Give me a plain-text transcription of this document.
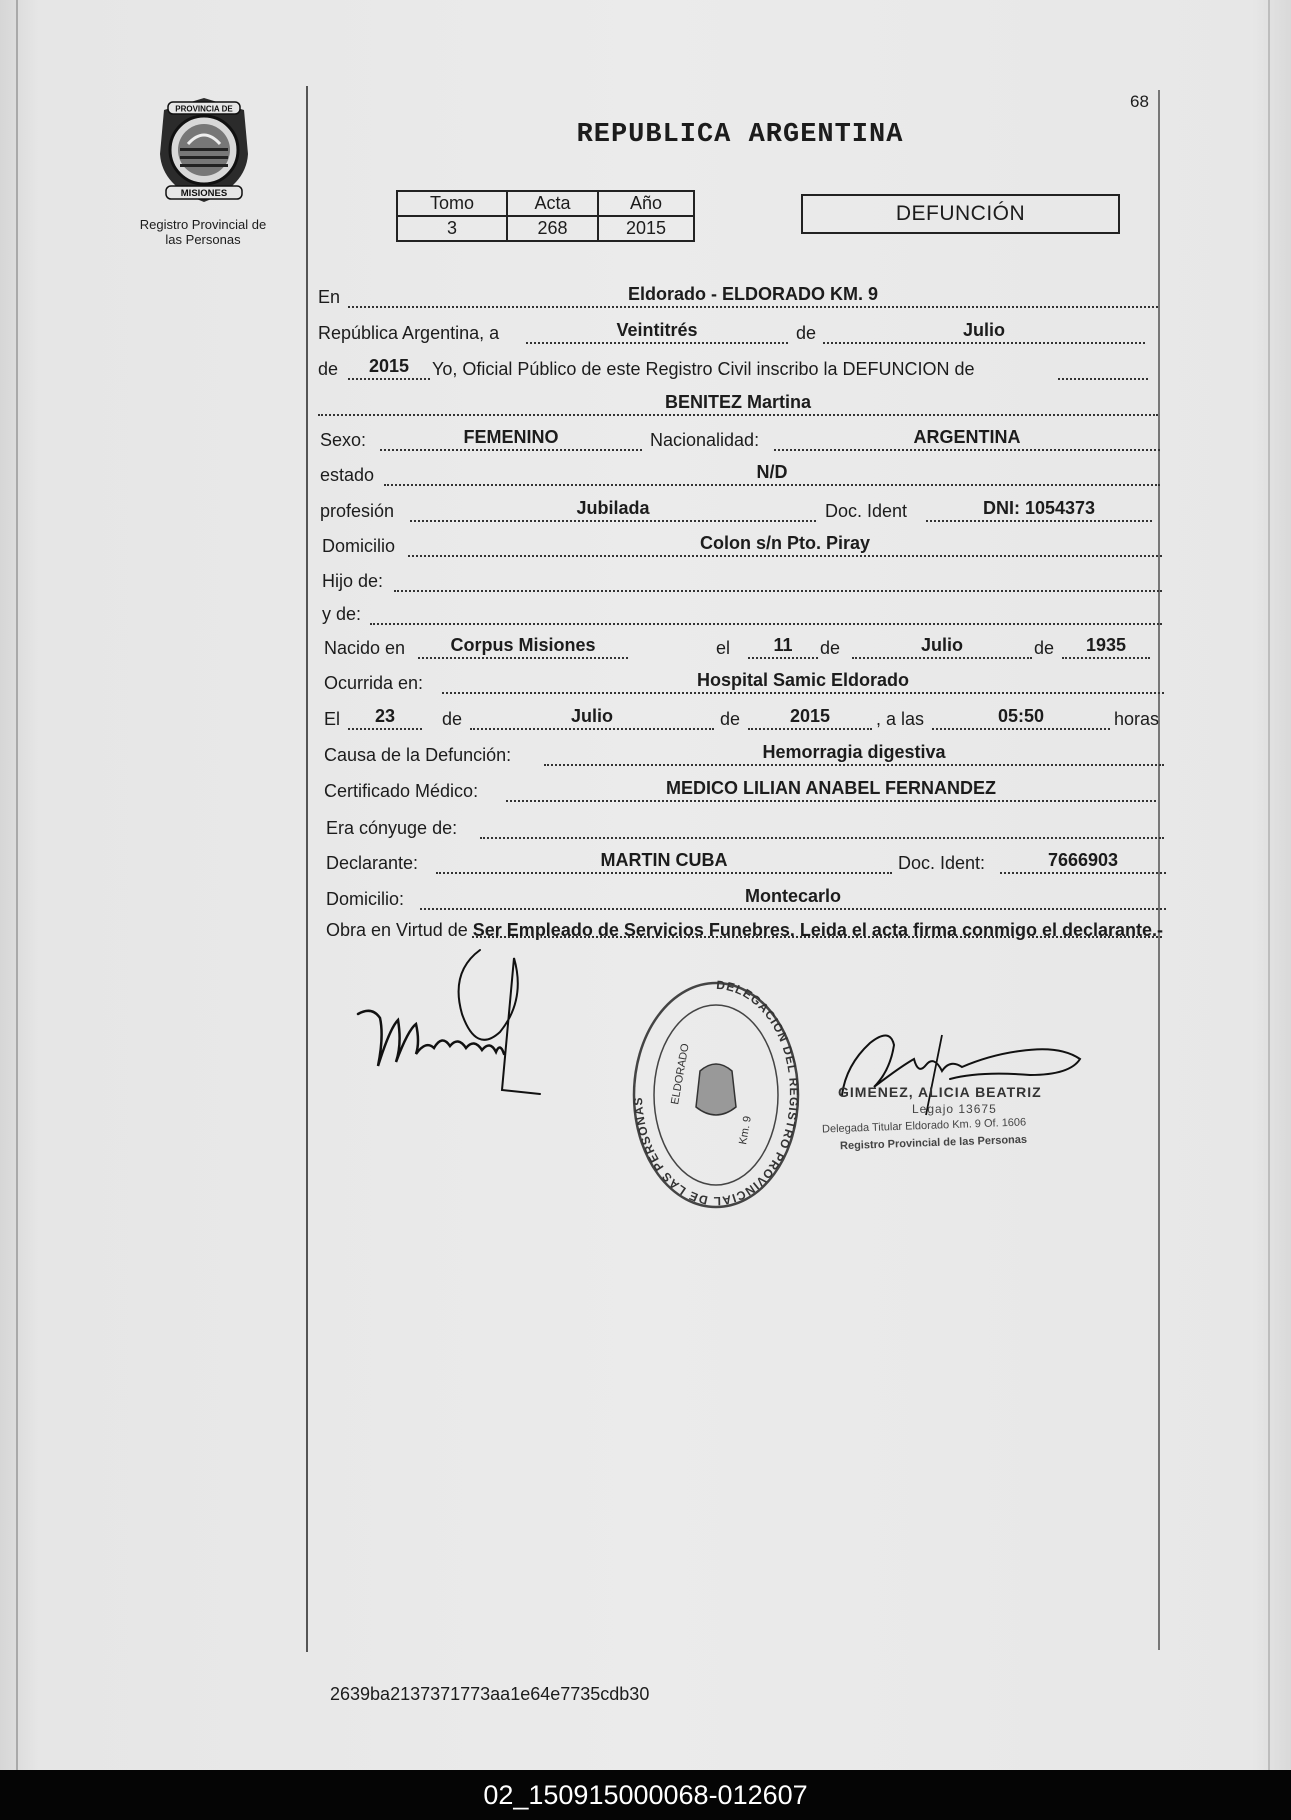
PROVINCIA DE
MISIONES
Registro Provincial de
las Personas
68
REPUBLICA ARGENTINA
Tomo	Acta	Año
3	268	2015
DEFUNCIÓN
En	Eldorado - ELDORADO KM. 9
República Argentina, a	Veintitrés	de	Julio
de	2015	Yo, Oficial Público de este Registro Civil inscribo la DEFUNCION de
BENITEZ Martina
Sexo:	FEMENINO	Nacionalidad:	ARGENTINA
estado	N/D
profesión	Jubilada	Doc. Ident	DNI: 1054373
Domicilio	Colon s/n Pto. Piray
Hijo de:
y de:
Nacido en	Corpus Misiones	el	11	de	Julio	de	1935
Ocurrida en:	Hospital Samic Eldorado
El	23	de	Julio	de	2015	, a las	05:50	horas
Causa de la Defunción:	Hemorragia digestiva
Certificado Médico:	MEDICO LILIAN ANABEL FERNANDEZ
Era cónyuge de:
Declarante:	MARTIN CUBA	Doc. Ident:	7666903
Domicilio:	Montecarlo
Obra en Virtud de Ser Empleado de Servicios Funebres. Leida el acta firma conmigo el declarante.-
DELEGACION DEL REGISTRO PROVINCIAL DE LAS PERSONAS	ELDORADO
Km. 9
GIMENEZ, ALICIA BEATRIZ
Legajo 13675
Delegada Titular Eldorado Km. 9 Of. 1606
Registro Provincial de las Personas
2639ba2137371773aa1e64e7735cdb30
02_150915000068-012607
